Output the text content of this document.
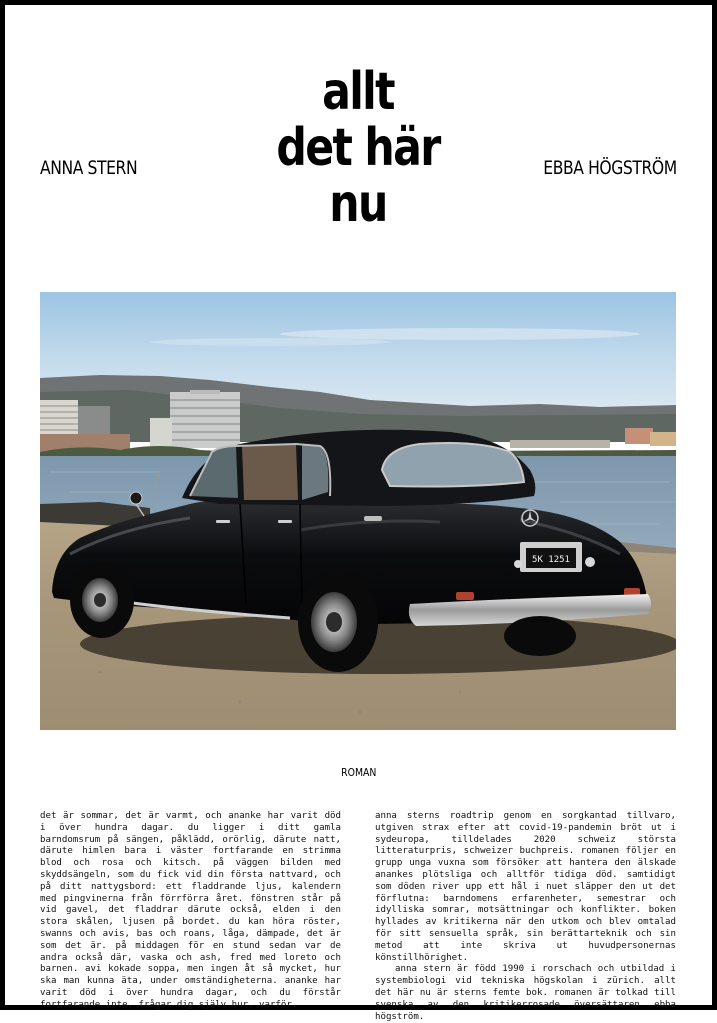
allt
det här
nu
ANNA STERN	EBBA HÖGSTRÖM
5K 1251
ROMAN

det är sommar, det är varmt, och ananke har varit död i över hundra dagar. du ligger i ditt gamla barndomsrum på sängen, påklädd, orörlig, därute natt, därute himlen bara i väster fortfarande en strimma blod och rosa och kitsch. på väggen bilden med skyddsängeln, som du fick vid din första nattvard, och på ditt nattygsbord: ett fladdrande ljus, kalendern med pingvinerna från förrförra året. fönstren står på vid gavel, det fladdrar därute också, elden i den stora skålen, ljusen på bordet. du kan höra röster, swanns och avis, bas och roans, låga, dämpade, det är som det är. på middagen för en stund sedan var de andra också där, vaska och ash, fred med loreto och barnen. avi kokade soppa, men ingen åt så mycket, hur ska man kunna äta, under omständigheterna. ananke har varit död i över hundra dagar, och du förstår fortfarande inte, frågar dig själv hur, varför.

anna sterns roadtrip genom en sorgkantad tillvaro, utgiven strax efter att covid-19-pandemin bröt ut i sydeuropa, tilldelades 2020 schweiz största litteraturpris, schweizer buchpreis. romanen följer en grupp unga vuxna som försöker att hantera den älskade anankes plötsliga och alltför tidiga död. samtidigt som döden river upp ett hål i nuet släpper den ut det förflutna: barndomens erfarenheter, semestrar och idylliska somrar, motsättningar och konflikter. boken hyllades av kritikerna när den utkom och blev omtalad för sitt sensuella språk, sin berättarteknik och sin metod att inte skriva ut huvudpersonernas könstillhörighet.

anna stern är född 1990 i rorschach och utbildad i systembiologi vid tekniska högskolan i zürich. allt det här nu är sterns femte bok. romanen är tolkad till svenska av den kritikerrosade översättaren ebba högström.
